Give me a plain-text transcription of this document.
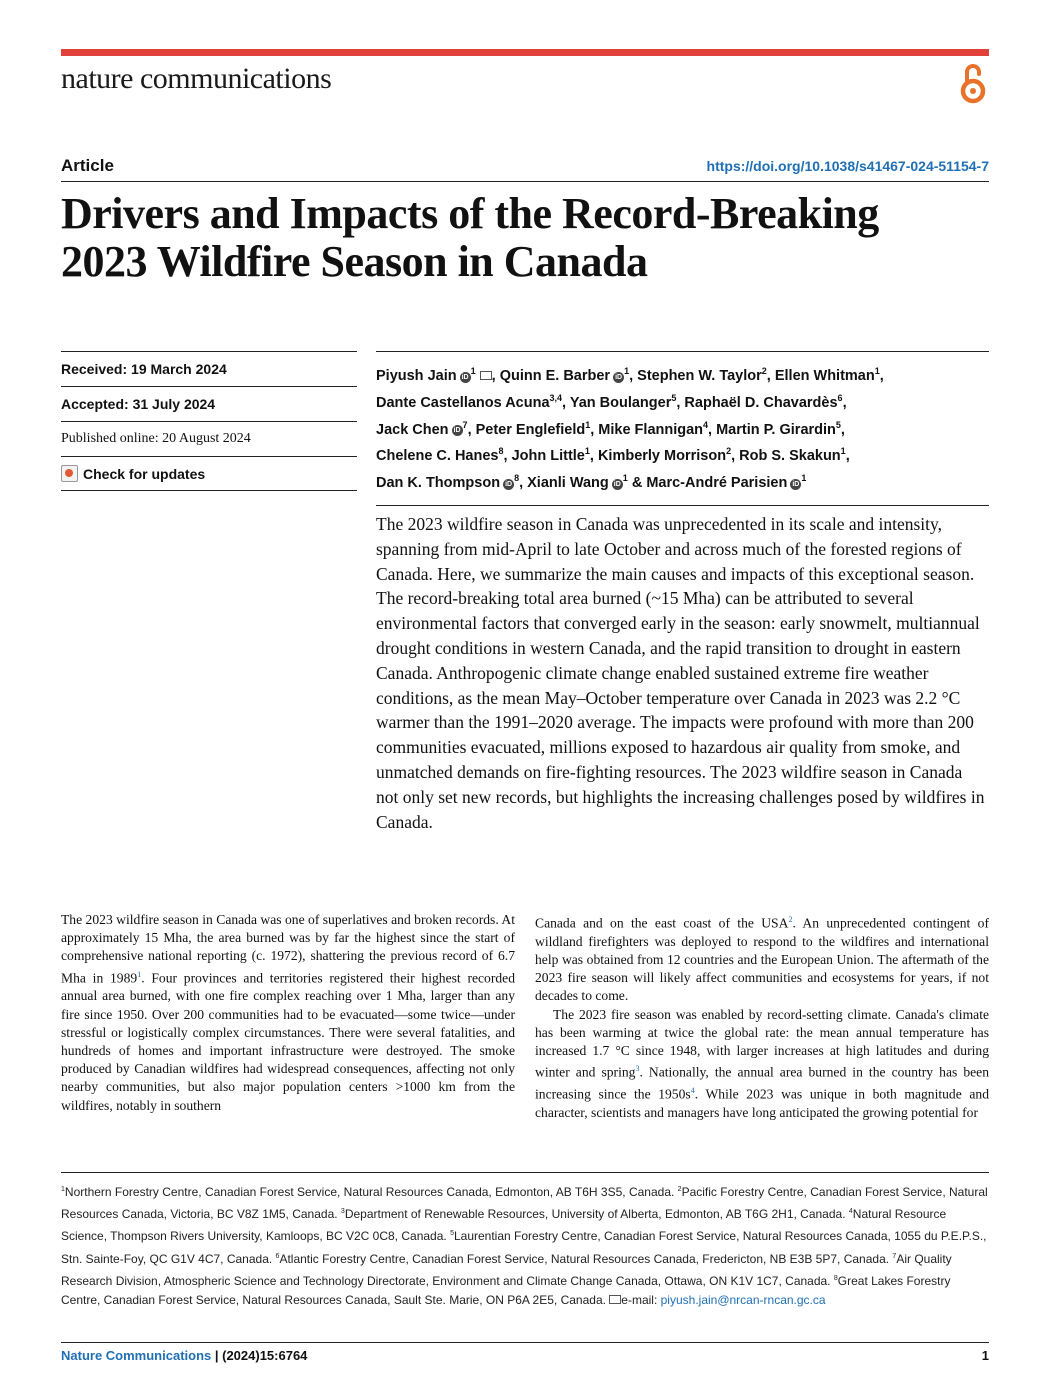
nature communications
Article	https://doi.org/10.1038/s41467-024-51154-7
Drivers and Impacts of the Record-Breaking
2023 Wildfire Season in Canada
Received: 19 March 2024
Accepted: 31 July 2024
Published online: 20 August 2024
Check for updates
Piyush Jain $iD^1$ , Quinn E. Barber $iD^1$, Stephen W. Taylor$^2$, Ellen Whitman$^1$,
Dante Castellanos Acuna$^{3,4}$, Yan Boulanger$^5$, Raphaël D. Chavardès$^6$,
Jack Chen $iD^7$, Peter Englefield$^1$, Mike Flannigan$^4$, Martin P. Girardin$^5$,
Chelene C. Hanes$^8$, John Little$^1$, Kimberly Morrison$^2$, Rob S. Skakun$^1$,
Dan K. Thompson $iD^8$, Xianli Wang $iD^1$ & Marc-André Parisien $iD^1$
The 2023 wildfire season in Canada was unprecedented in its scale and intensity, spanning from mid-April to late October and across much of the forested regions of Canada. Here, we summarize the main causes and impacts of this exceptional season. The record-breaking total area burned (~15 Mha) can be attributed to several environmental factors that converged early in the season: early snowmelt, multiannual drought conditions in western Canada, and the rapid transition to drought in eastern Canada. Anthropogenic climate change enabled sustained extreme fire weather conditions, as the mean May–October temperature over Canada in 2023 was 2.2 °C warmer than the 1991–2020 average. The impacts were profound with more than 200 communities evacuated, millions exposed to hazardous air quality from smoke, and unmatched demands on fire-fighting resources. The 2023 wildfire season in Canada not only set new records, but highlights the increasing challenges posed by wildfires in Canada.

The 2023 wildfire season in Canada was one of superlatives and broken records. At approximately 15 Mha, the area burned was by far the highest since the start of comprehensive national reporting (c. 1972), shattering the previous record of 6.7 Mha in 1989$^1$. Four provinces and territories registered their highest recorded annual area burned, with one fire complex reaching over 1 Mha, larger than any fire since 1950. Over 200 communities had to be evacuated—some twice—under stressful or logistically complex circumstances. There were several fatalities, and hundreds of homes and important infrastructure were destroyed. The smoke produced by Canadian wildfires had widespread consequences, affecting not only nearby communities, but also major population centers >1000 km from the wildfires, notably in southern

Canada and on the east coast of the USA$^2$. An unprecedented contingent of wildland firefighters was deployed to respond to the wildfires and international help was obtained from 12 countries and the European Union. The aftermath of the 2023 fire season will likely affect communities and ecosystems for years, if not decades to come.

The 2023 fire season was enabled by record-setting climate. Canada's climate has been warming at twice the global rate: the mean annual temperature has increased 1.7 °C since 1948, with larger increases at high latitudes and during winter and spring$^3$. Nationally, the annual area burned in the country has been increasing since the $1950s^4$. While 2023 was unique in both magnitude and character, scientists and managers have long anticipated the growing potential for

$^1$Northern Forestry Centre, Canadian Forest Service, Natural Resources Canada, Edmonton, AB T6H 3S5, Canada. $^2$Pacific Forestry Centre, Canadian Forest Service, Natural Resources Canada, Victoria, BC V8Z 1M5, Canada. $^3$Department of Renewable Resources, University of Alberta, Edmonton, AB T6G 2H1, Canada. $^4$Natural Resource Science, Thompson Rivers University, Kamloops, BC V2C 0C8, Canada. $^5$Laurentian Forestry Centre, Canadian Forest Service, Natural Resources Canada, 1055 du P.E.P.S., Stn. Sainte-Foy, QC G1V 4C7, Canada. $^6$Atlantic Forestry Centre, Canadian Forest Service, Natural Resources Canada, Fredericton, NB E3B 5P7, Canada. $^7$Air Quality Research Division, Atmospheric Science and Technology Directorate, Environment and Climate Change Canada, Ottawa, ON K1V 1C7, Canada. $^8$Great Lakes Forestry Centre, Canadian Forest Service, Natural Resources Canada, Sault Ste. Marie, ON P6A 2E5, Canada. e-mail: piyush.jain@nrcan-rncan.gc.ca
Nature Communications | (2024)15:6764	1
